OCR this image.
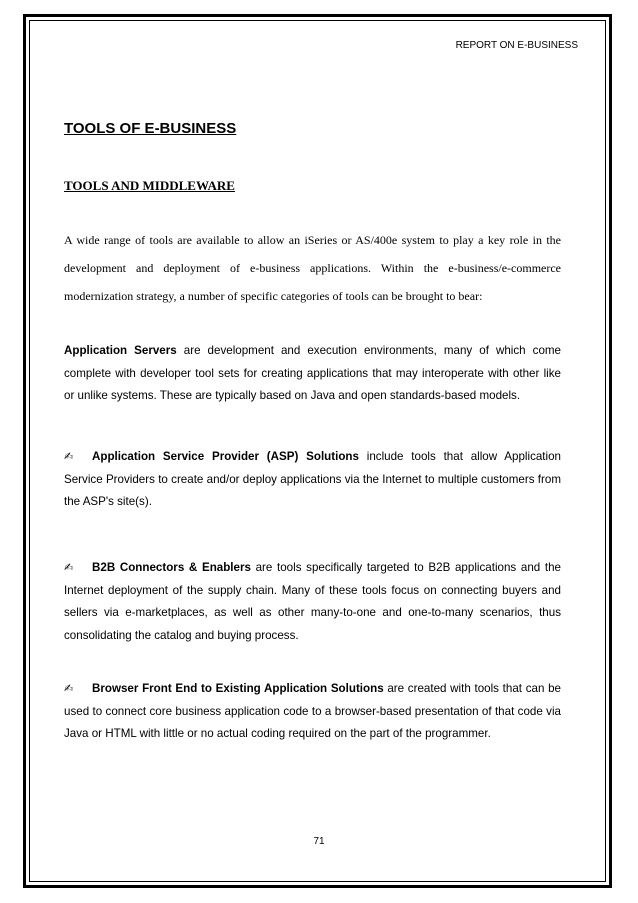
REPORT ON E-BUSINESS
TOOLS OF E-BUSINESS
TOOLS AND MIDDLEWARE

A wide range of tools are available to allow an iSeries or AS/400e system to play a key role in the development and deployment of e-business applications. Within the e-business/e-commerce modernization strategy, a number of specific categories of tools can be brought to bear:

Application Servers are development and execution environments, many of which come complete with developer tool sets for creating applications that may interoperate with other like or unlike systems. These are typically based on Java and open standards-based models.

✍ Application Service Provider (ASP) Solutions include tools that allow Application Service Providers to create and/or deploy applications via the Internet to multiple customers from the ASP's site(s).

✍ B2B Connectors & Enablers are tools specifically targeted to B2B applications and the Internet deployment of the supply chain. Many of these tools focus on connecting buyers and sellers via e-marketplaces, as well as other many-to-one and one-to-many scenarios, thus consolidating the catalog and buying process.

✍ Browser Front End to Existing Application Solutions are created with tools that can be used to connect core business application code to a browser-based presentation of that code via Java or HTML with little or no actual coding required on the part of the programmer.

71
